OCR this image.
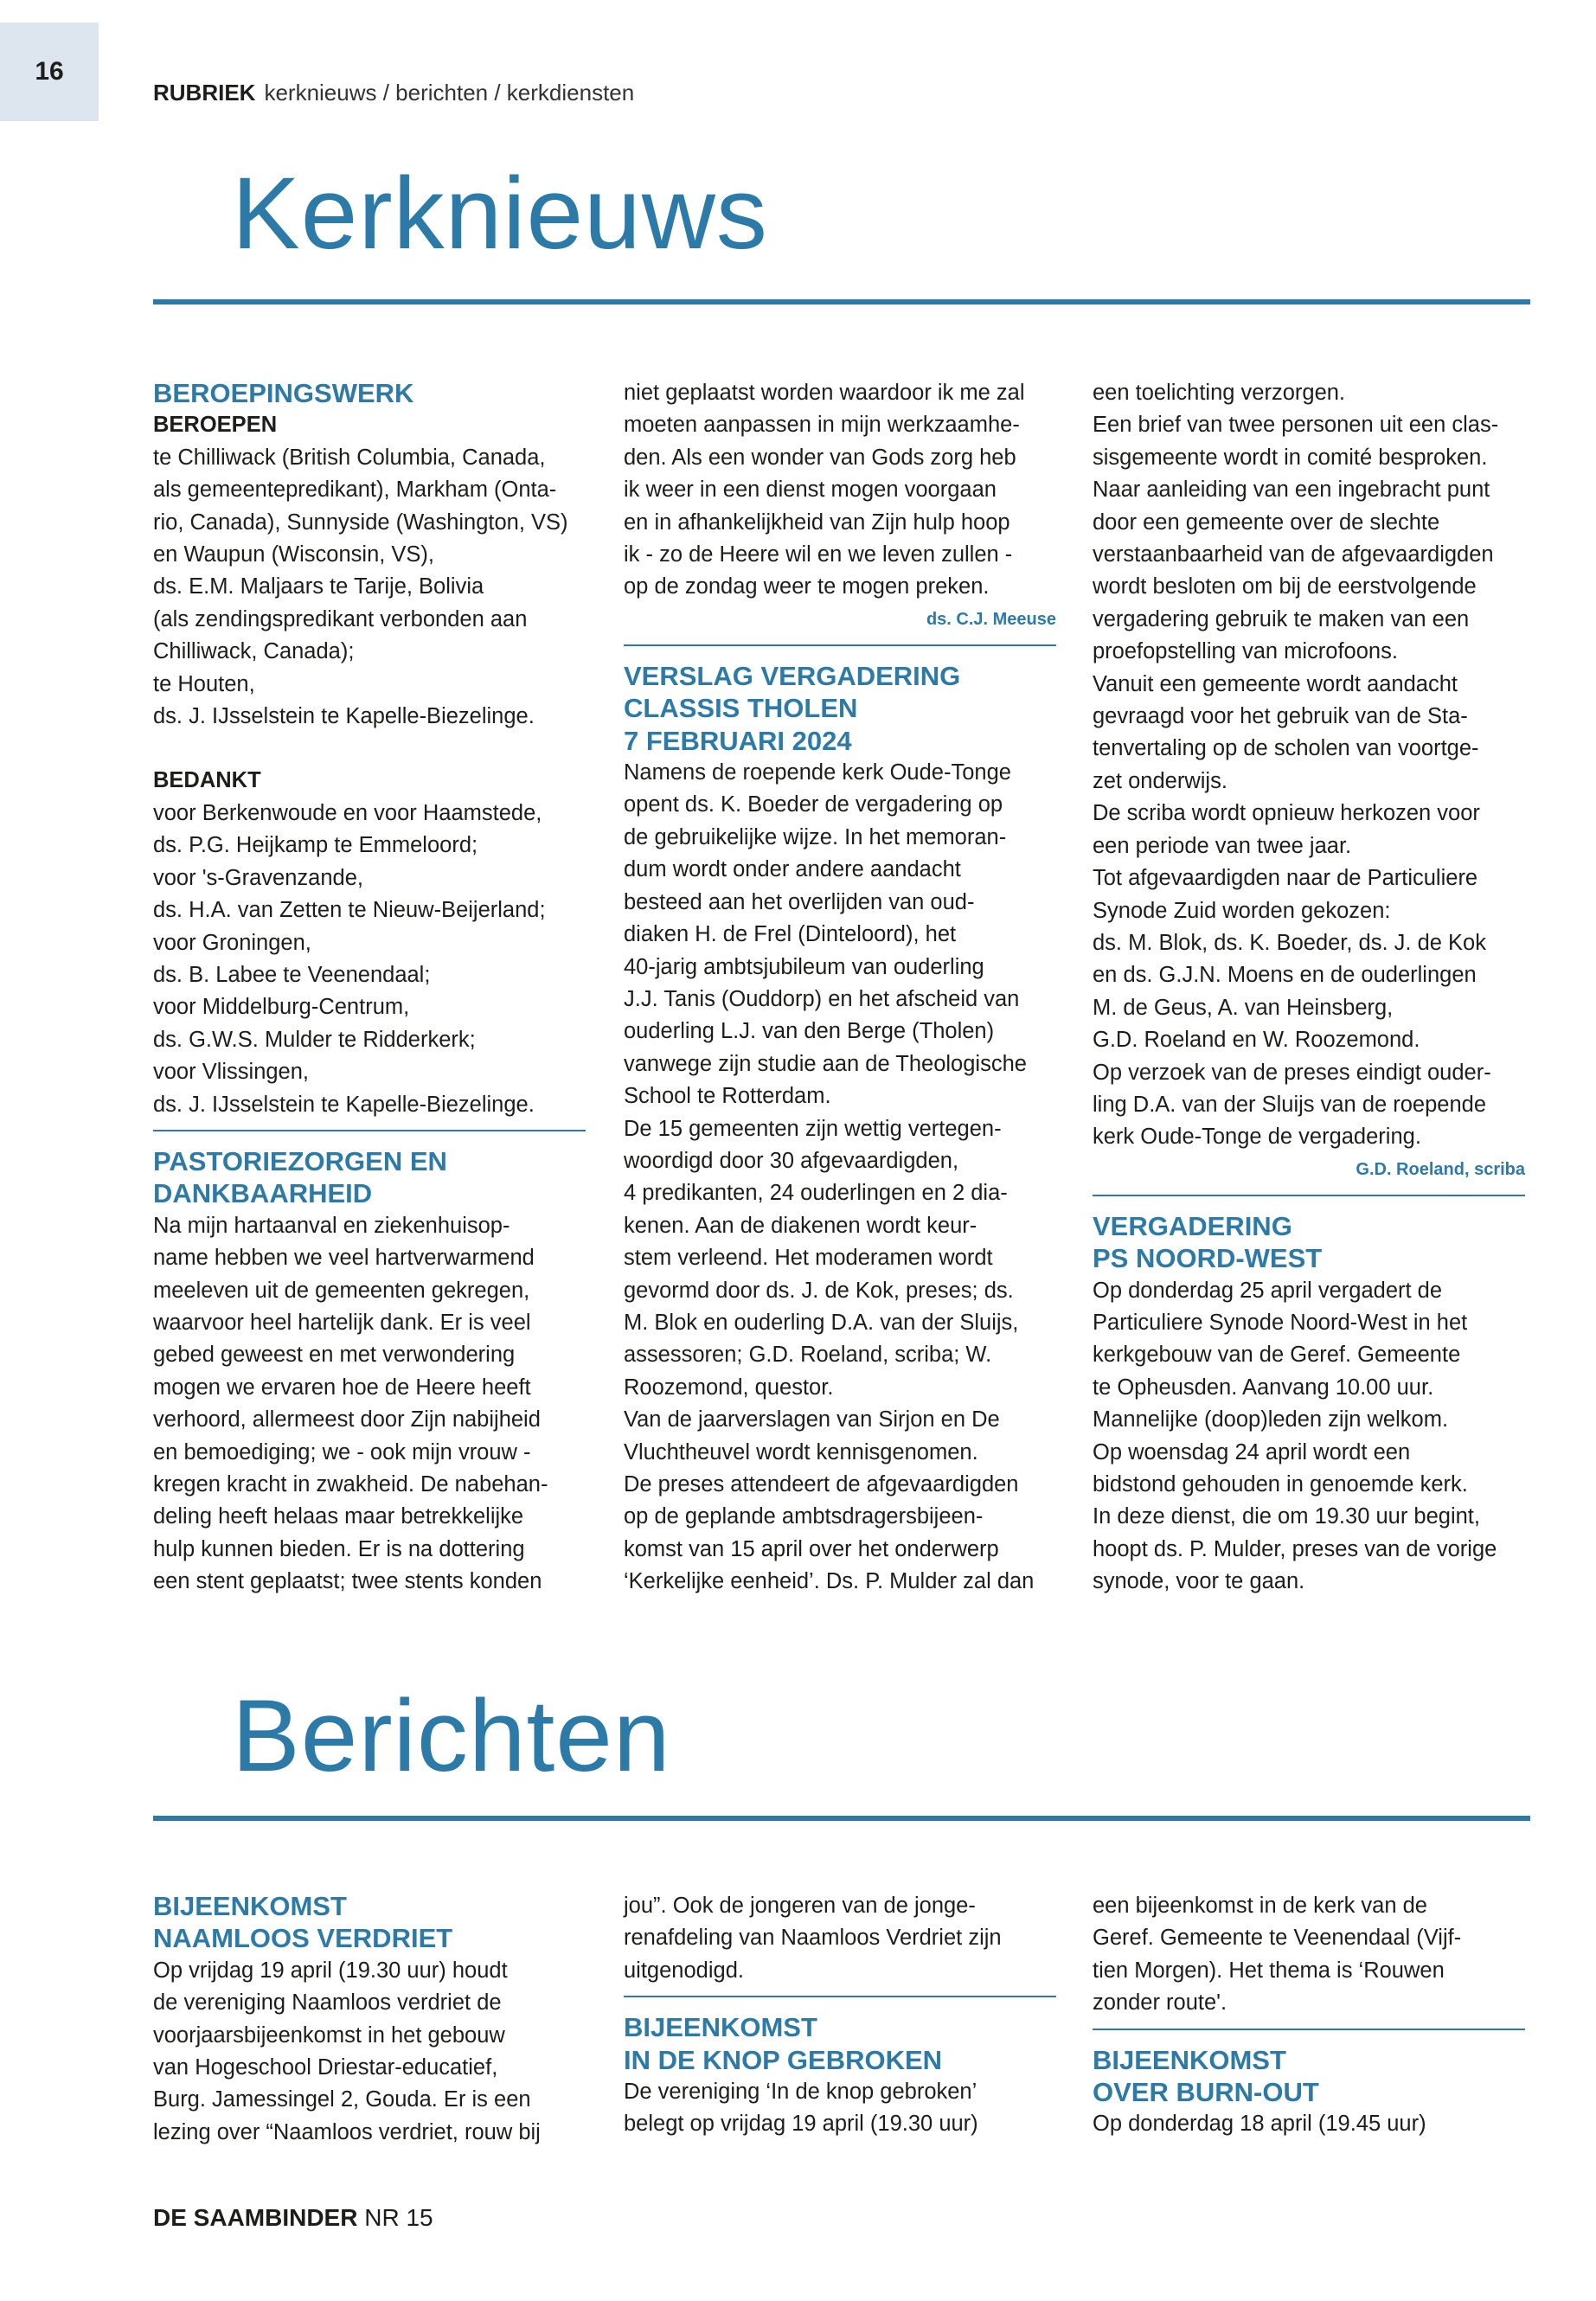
16
RUBRIEK kerknieuws / berichten / kerkdiensten
Kerknieuws

BEROEPINGSWERK

BEROEPEN

te Chilliwack (British Columbia, Canada,

als gemeentepredikant), Markham (Onta-

rio, Canada), Sunnyside (Washington, VS)

en Waupun (Wisconsin, VS),

ds. E.M. Maljaars te Tarije, Bolivia

(als zendingspredikant verbonden aan

Chilliwack, Canada);

te Houten,

ds. J. IJsselstein te Kapelle-Biezelinge.

BEDANKT

voor Berkenwoude en voor Haamstede,

ds. P.G. Heijkamp te Emmeloord;

voor 's-Gravenzande,

ds. H.A. van Zetten te Nieuw-Beijerland;

voor Groningen,

ds. B. Labee te Veenendaal;

voor Middelburg-Centrum,

ds. G.W.S. Mulder te Ridderkerk;

voor Vlissingen,

ds. J. IJsselstein te Kapelle-Biezelinge.

PASTORIEZORGEN EN

DANKBAARHEID

Na mijn hartaanval en ziekenhuisop-

name hebben we veel hartverwarmend

meeleven uit de gemeenten gekregen,

waarvoor heel hartelijk dank. Er is veel

gebed geweest en met verwondering

mogen we ervaren hoe de Heere heeft

verhoord, allermeest door Zijn nabijheid

en bemoediging; we - ook mijn vrouw -

kregen kracht in zwakheid. De nabehan-

deling heeft helaas maar betrekkelijke

hulp kunnen bieden. Er is na dottering

een stent geplaatst; twee stents konden

niet geplaatst worden waardoor ik me zal

moeten aanpassen in mijn werkzaamhe-

den. Als een wonder van Gods zorg heb

ik weer in een dienst mogen voorgaan

en in afhankelijkheid van Zijn hulp hoop

ik - zo de Heere wil en we leven zullen -

op de zondag weer te mogen preken.

ds. C.J. Meeuse

VERSLAG VERGADERING

CLASSIS THOLEN

7 FEBRUARI 2024

Namens de roepende kerk Oude-Tonge

opent ds. K. Boeder de vergadering op

de gebruikelijke wijze. In het memoran-

dum wordt onder andere aandacht

besteed aan het overlijden van oud-

diaken H. de Frel (Dinteloord), het

40-jarig ambtsjubileum van ouderling

J.J. Tanis (Ouddorp) en het afscheid van

ouderling L.J. van den Berge (Tholen)

vanwege zijn studie aan de Theologische

School te Rotterdam.

De 15 gemeenten zijn wettig vertegen-

woordigd door 30 afgevaardigden,

4 predikanten, 24 ouderlingen en 2 dia-

kenen. Aan de diakenen wordt keur-

stem verleend. Het moderamen wordt

gevormd door ds. J. de Kok, preses; ds.

M. Blok en ouderling D.A. van der Sluijs,

assessoren; G.D. Roeland, scriba; W.

Roozemond, questor.

Van de jaarverslagen van Sirjon en De

Vluchtheuvel wordt kennisgenomen.

De preses attendeert de afgevaardigden

op de geplande ambtsdragersbijeen-

komst van 15 april over het onderwerp

‘Kerkelijke eenheid’. Ds. P. Mulder zal dan

een toelichting verzorgen.

Een brief van twee personen uit een clas-

sisgemeente wordt in comité besproken.

Naar aanleiding van een ingebracht punt

door een gemeente over de slechte

verstaanbaarheid van de afgevaardigden

wordt besloten om bij de eerstvolgende

vergadering gebruik te maken van een

proefopstelling van microfoons.

Vanuit een gemeente wordt aandacht

gevraagd voor het gebruik van de Sta-

tenvertaling op de scholen van voortge-

zet onderwijs.

De scriba wordt opnieuw herkozen voor

een periode van twee jaar.

Tot afgevaardigden naar de Particuliere

Synode Zuid worden gekozen:

ds. M. Blok, ds. K. Boeder, ds. J. de Kok

en ds. G.J.N. Moens en de ouderlingen

M. de Geus, A. van Heinsberg,

G.D. Roeland en W. Roozemond.

Op verzoek van de preses eindigt ouder-

ling D.A. van der Sluijs van de roepende

kerk Oude-Tonge de vergadering.

G.D. Roeland, scriba

VERGADERING

PS NOORD-WEST

Op donderdag 25 april vergadert de

Particuliere Synode Noord-West in het

kerkgebouw van de Geref. Gemeente

te Opheusden. Aanvang 10.00 uur.

Mannelijke (doop)leden zijn welkom.

Op woensdag 24 april wordt een

bidstond gehouden in genoemde kerk.

In deze dienst, die om 19.30 uur begint,

hoopt ds. P. Mulder, preses van de vorige

synode, voor te gaan.

Berichten

BIJEENKOMST

NAAMLOOS VERDRIET

Op vrijdag 19 april (19.30 uur) houdt

de vereniging Naamloos verdriet de

voorjaarsbijeenkomst in het gebouw

van Hogeschool Driestar-educatief,

Burg. Jamessingel 2, Gouda. Er is een

lezing over “Naamloos verdriet, rouw bij

jou”. Ook de jongeren van de jonge-

renafdeling van Naamloos Verdriet zijn

uitgenodigd.

BIJEENKOMST

IN DE KNOP GEBROKEN

De vereniging ‘In de knop gebroken’

belegt op vrijdag 19 april (19.30 uur)

een bijeenkomst in de kerk van de

Geref. Gemeente te Veenendaal (Vijf-

tien Morgen). Het thema is ‘Rouwen

zonder route'.

BIJEENKOMST

OVER BURN-OUT

Op donderdag 18 april (19.45 uur)

DE SAAMBINDER NR 15
